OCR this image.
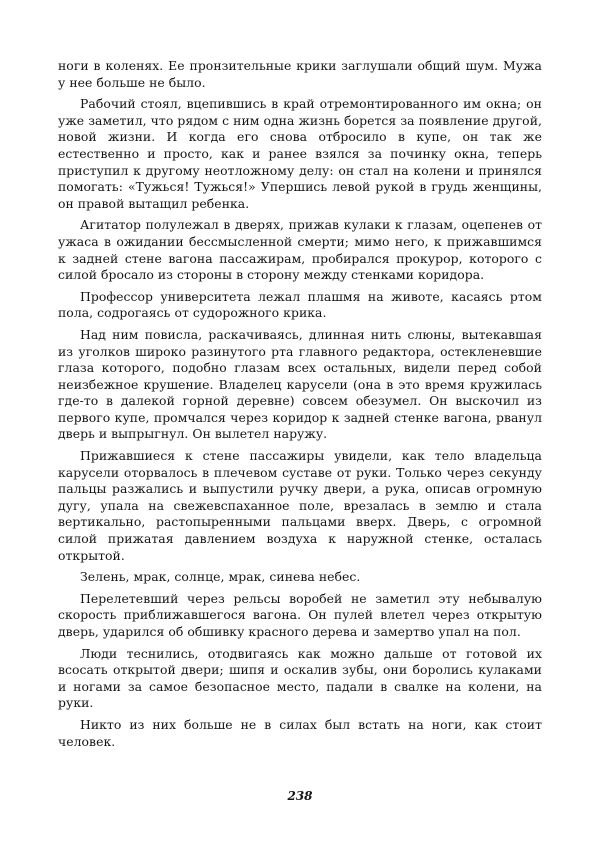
ноги в коленях. Ее пронзительные крики заглушали общий шум. Мужа у нее больше не было.

Рабочий стоял, вцепившись в край отремонтированного им окна; он уже заметил, что рядом с ним одна жизнь борется за появление другой, новой жизни. И когда его снова отбросило в купе, он так же естественно и просто, как и ранее взялся за починку окна, теперь приступил к другому неотложному делу: он стал на колени и принялся помогать: «Тужься! Тужься!» Упершись левой рукой в грудь женщины, он правой вытащил ребенка.

Агитатор полулежал в дверях, прижав кулаки к глазам, оцепенев от ужаса в ожидании бессмысленной смерти; мимо него, к прижавшимся к задней стене вагона пассажирам, пробирался прокурор, которого с силой бросало из стороны в сторону между стенками коридора.

Профессор университета лежал плашмя на животе, касаясь ртом пола, содрогаясь от судорожного крика.

Над ним повисла, раскачиваясь, длинная нить слюны, вытекавшая из уголков широко разинутого рта главного редактора, остекленевшие глаза которого, подобно глазам всех остальных, видели перед собой неизбежное крушение. Владелец карусели (она в это время кружилась где-то в далекой горной деревне) совсем обезумел. Он выскочил из первого купе, промчался через коридор к задней стенке вагона, рванул дверь и выпрыгнул. Он вылетел наружу.

Прижавшиеся к стене пассажиры увидели, как тело владельца карусели оторвалось в плечевом суставе от руки. Только через секунду пальцы разжались и выпустили ручку двери, а рука, описав огромную дугу, упала на свежевспаханное поле, врезалась в землю и стала вертикально, растопыренными пальцами вверх. Дверь, с огромной силой прижатая давлением воздуха к наружной стенке, осталась открытой.

Зелень, мрак, солнце, мрак, синева небес.

Перелетевший через рельсы воробей не заметил эту небывалую скорость приближавшегося вагона. Он пулей влетел через открытую дверь, ударился об обшивку красного дерева и замертво упал на пол.

Люди теснились, отодвигаясь как можно дальше от готовой их всосать открытой двери; шипя и оскалив зубы, они боролись кулаками и ногами за самое безопасное место, падали в свалке на колени, на руки.

Никто из них больше не в силах был встать на ноги, как стоит человек.

238
